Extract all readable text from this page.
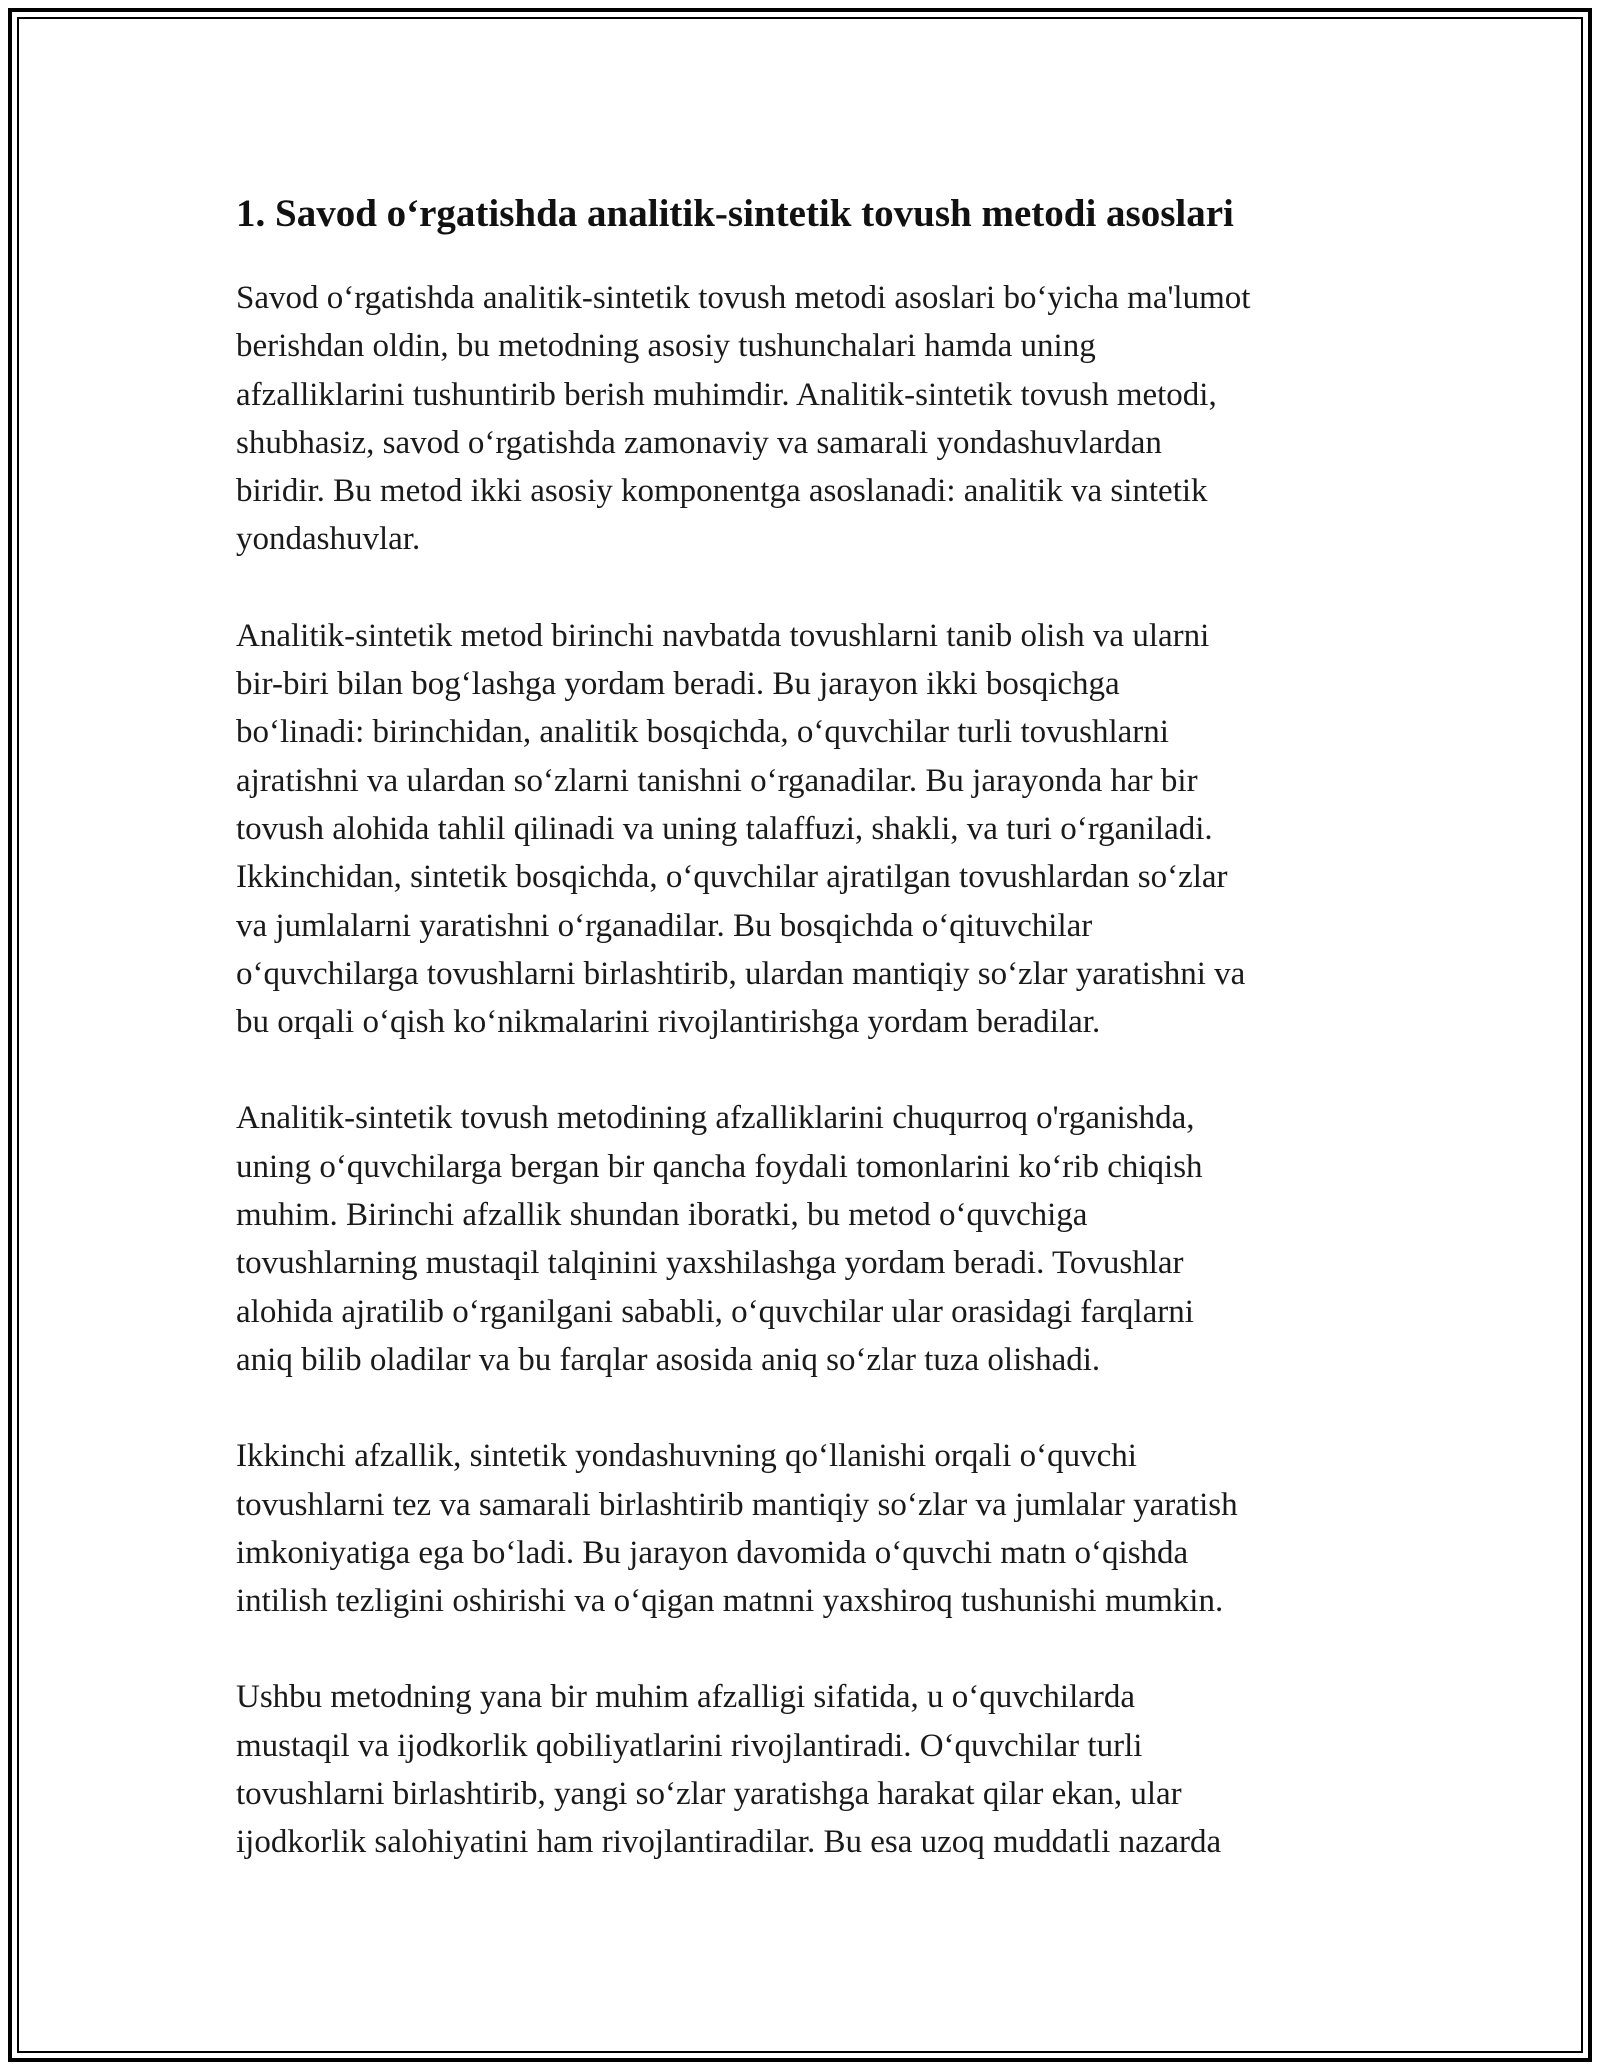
1. Savod o‘rgatishda analitik-sintetik tovush metodi asoslari

Savod o‘rgatishda analitik-sintetik tovush metodi asoslari bo‘yicha ma'lumot
berishdan oldin, bu metodning asosiy tushunchalari hamda uning
afzalliklarini tushuntirib berish muhimdir. Analitik-sintetik tovush metodi,
shubhasiz, savod o‘rgatishda zamonaviy va samarali yondashuvlardan
biridir. Bu metod ikki asosiy komponentga asoslanadi: analitik va sintetik
yondashuvlar.

Analitik-sintetik metod birinchi navbatda tovushlarni tanib olish va ularni
bir-biri bilan bog‘lashga yordam beradi. Bu jarayon ikki bosqichga
bo‘linadi: birinchidan, analitik bosqichda, o‘quvchilar turli tovushlarni
ajratishni va ulardan so‘zlarni tanishni o‘rganadilar. Bu jarayonda har bir
tovush alohida tahlil qilinadi va uning talaffuzi, shakli, va turi o‘rganiladi.
Ikkinchidan, sintetik bosqichda, o‘quvchilar ajratilgan tovushlardan so‘zlar
va jumlalarni yaratishni o‘rganadilar. Bu bosqichda o‘qituvchilar
o‘quvchilarga tovushlarni birlashtirib, ulardan mantiqiy so‘zlar yaratishni va
bu orqali o‘qish ko‘nikmalarini rivojlantirishga yordam beradilar.

Analitik-sintetik tovush metodining afzalliklarini chuqurroq o'rganishda,
uning o‘quvchilarga bergan bir qancha foydali tomonlarini ko‘rib chiqish
muhim. Birinchi afzallik shundan iboratki, bu metod o‘quvchiga
tovushlarning mustaqil talqinini yaxshilashga yordam beradi. Tovushlar
alohida ajratilib o‘rganilgani sababli, o‘quvchilar ular orasidagi farqlarni
aniq bilib oladilar va bu farqlar asosida aniq so‘zlar tuza olishadi.

Ikkinchi afzallik, sintetik yondashuvning qo‘llanishi orqali o‘quvchi
tovushlarni tez va samarali birlashtirib mantiqiy so‘zlar va jumlalar yaratish
imkoniyatiga ega bo‘ladi. Bu jarayon davomida o‘quvchi matn o‘qishda
intilish tezligini oshirishi va o‘qigan matnni yaxshiroq tushunishi mumkin.

Ushbu metodning yana bir muhim afzalligi sifatida, u o‘quvchilarda
mustaqil va ijodkorlik qobiliyatlarini rivojlantiradi. O‘quvchilar turli
tovushlarni birlashtirib, yangi so‘zlar yaratishga harakat qilar ekan, ular
ijodkorlik salohiyatini ham rivojlantiradilar. Bu esa uzoq muddatli nazarda
